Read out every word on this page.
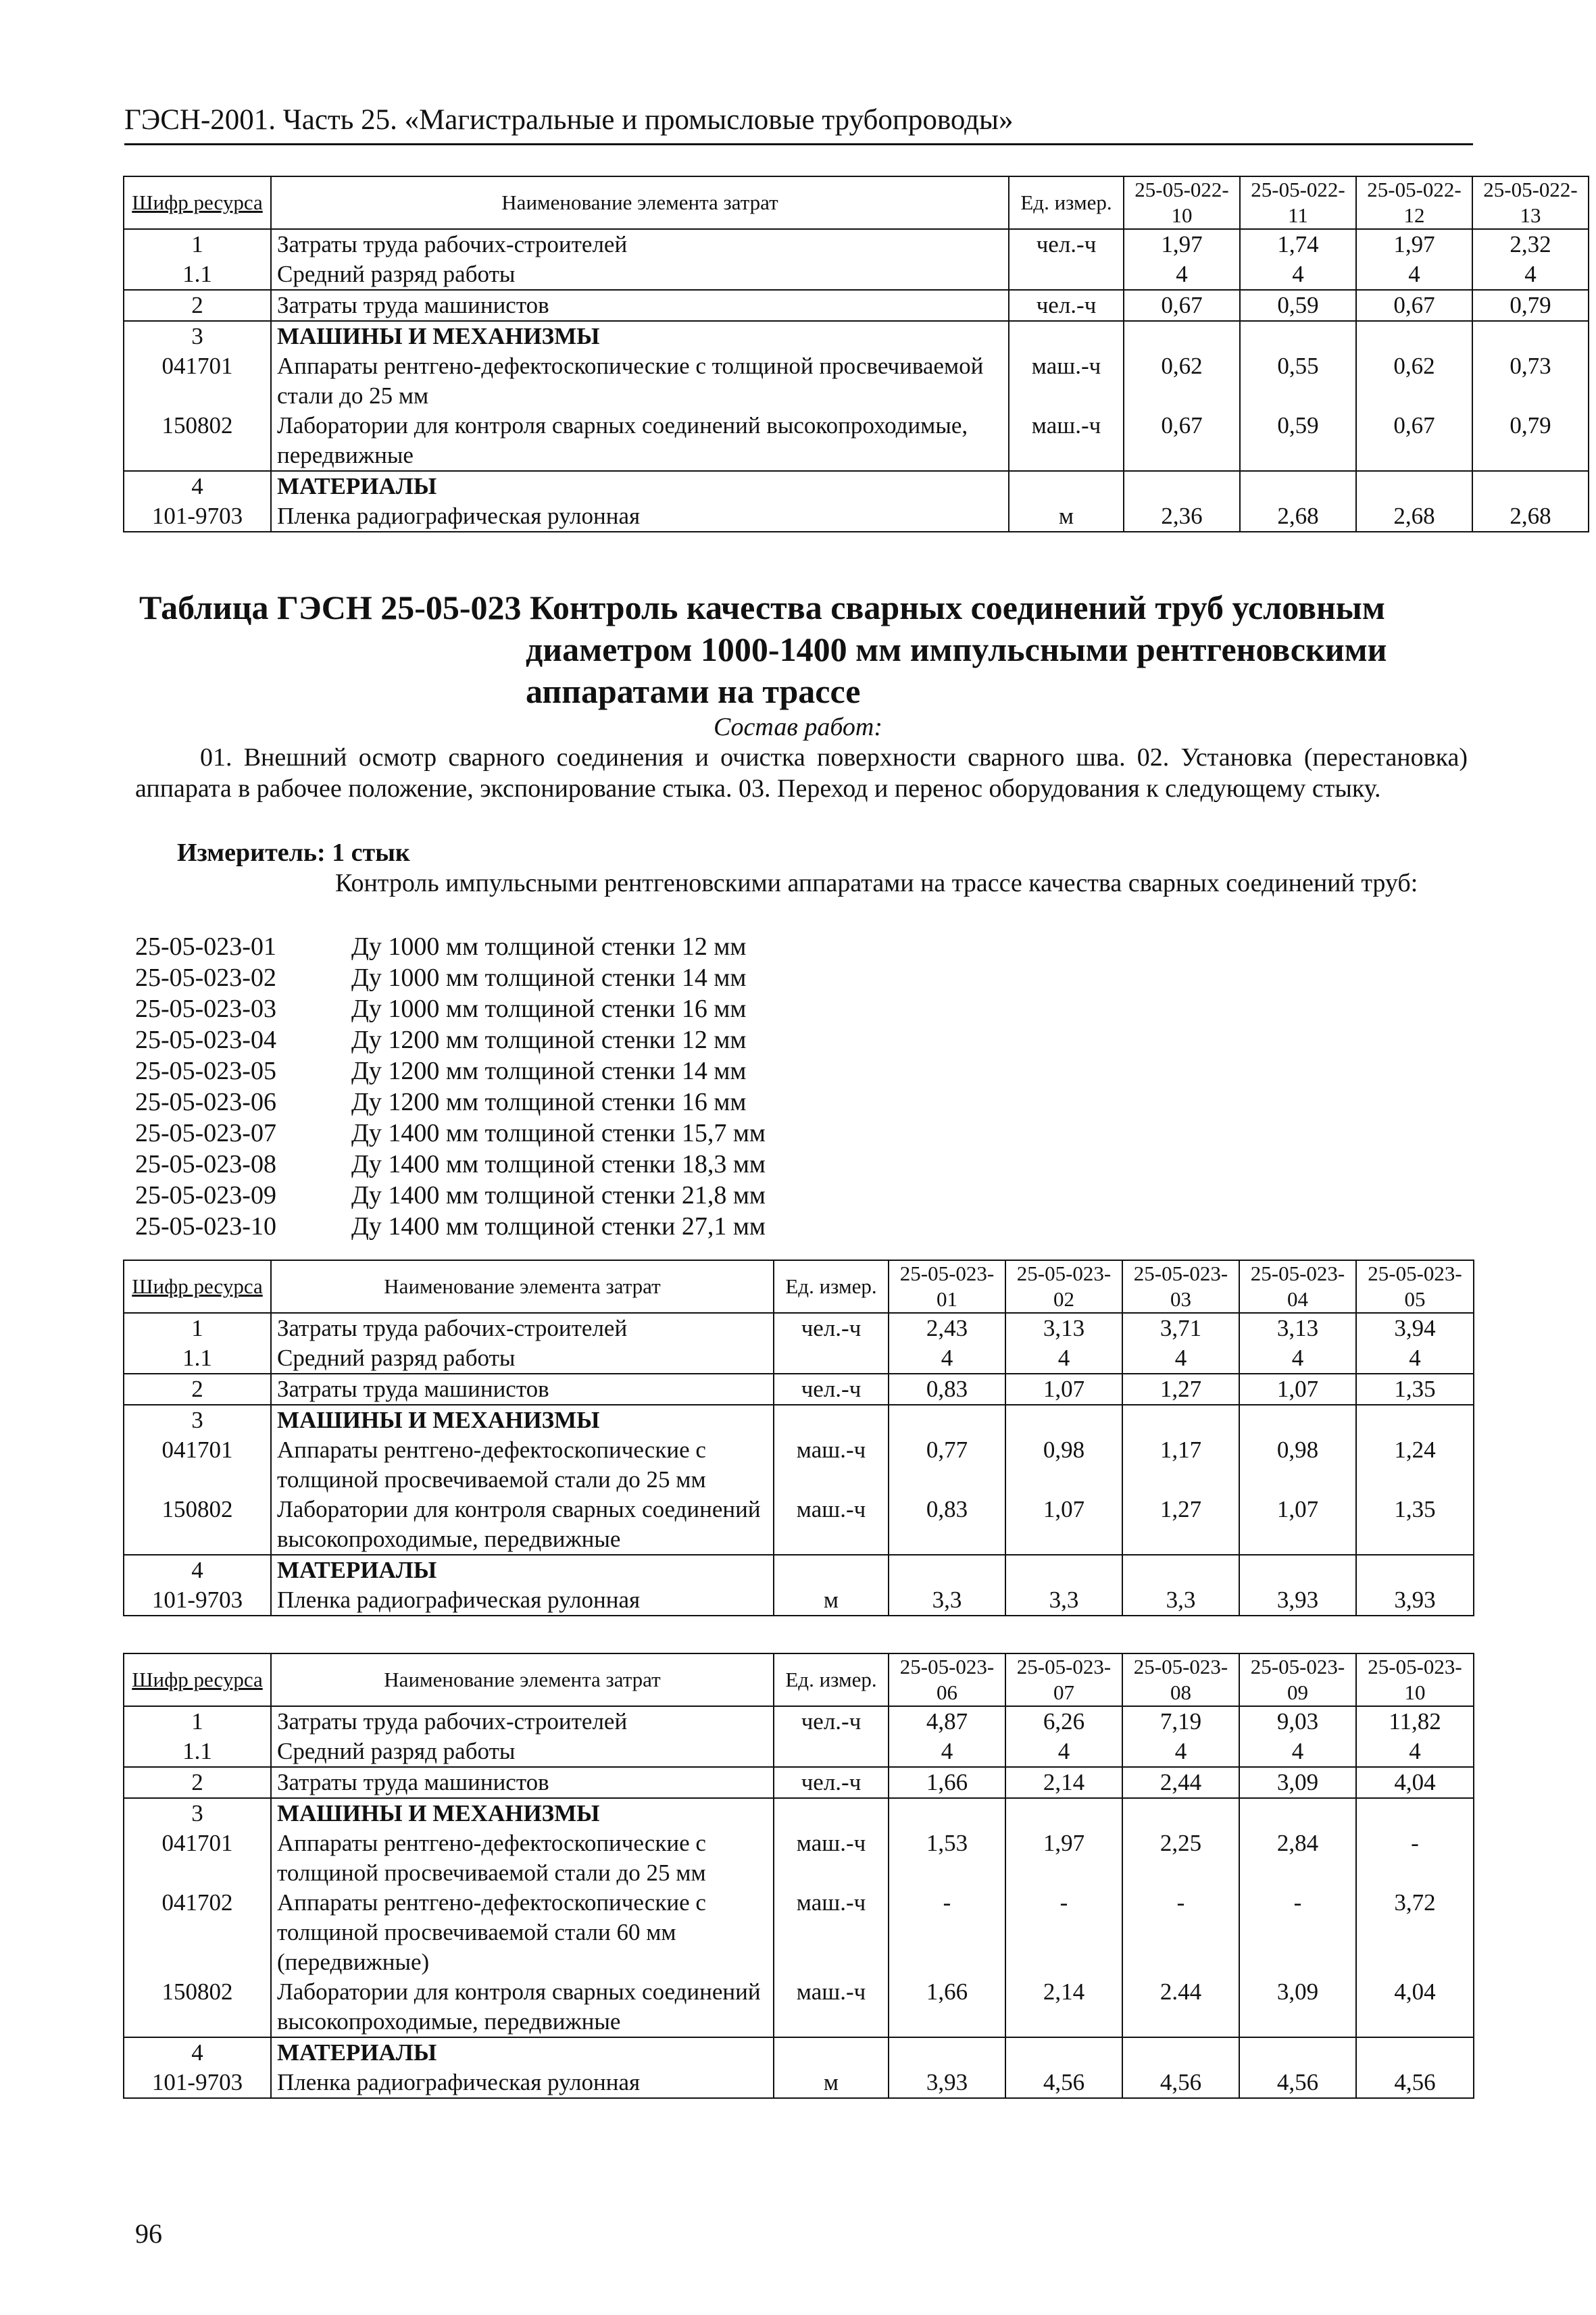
ГЭСН-2001. Часть 25. «Магистральные и промысловые трубопроводы»
Шифр ресурса	Наименование элемента затрат	Ед. измер.	25-05-022-10	25-05-022-11	25-05-022-12	25-05-022-13
1	Затраты труда рабочих-строителей	чел.-ч	1,97	1,74	1,97	2,32
1.1	Средний разряд работы		4	4	4	4
2	Затраты труда машинистов	чел.-ч	0,67	0,59	0,67	0,79
3	МАШИНЫ И МЕХАНИЗМЫ					
041701	Аппараты рентгено-дефектоскопические с толщиной просвечиваемой стали до 25 мм	маш.-ч	0,62	0,55	0,62	0,73
150802	Лаборатории для контроля сварных соединений высокопроходимые, передвижные	маш.-ч	0,67	0,59	0,67	0,79
4	МАТЕРИАЛЫ					
101-9703	Пленка радиографическая рулонная	м	2,36	2,68	2,68	2,68
Таблица ГЭСН 25-05-023 Контроль качества сварных соединений труб условным
диаметром 1000-1400 мм импульсными рентгеновскими
аппаратами на трассе
Состав работ:
01. Внешний осмотр сварного соединения и очистка поверхности сварного шва. 02. Установка (перестановка) аппарата в рабочее положение, экспонирование стыка. 03. Переход и перенос оборудования к следующему стыку.
Измеритель: 1 стык
Контроль импульсными рентгеновскими аппаратами на трассе качества сварных соединений труб:
25-05-023-01	Ду 1000 мм толщиной стенки 12 мм
25-05-023-02	Ду 1000 мм толщиной стенки 14 мм
25-05-023-03	Ду 1000 мм толщиной стенки 16 мм
25-05-023-04	Ду 1200 мм толщиной стенки 12 мм
25-05-023-05	Ду 1200 мм толщиной стенки 14 мм
25-05-023-06	Ду 1200 мм толщиной стенки 16 мм
25-05-023-07	Ду 1400 мм толщиной стенки 15,7 мм
25-05-023-08	Ду 1400 мм толщиной стенки 18,3 мм
25-05-023-09	Ду 1400 мм толщиной стенки 21,8 мм
25-05-023-10	Ду 1400 мм толщиной стенки 27,1 мм
Шифр ресурса	Наименование элемента затрат	Ед. измер.	25-05-023-01	25-05-023-02	25-05-023-03	25-05-023-04	25-05-023-05
1	Затраты труда рабочих-строителей	чел.-ч	2,43	3,13	3,71	3,13	3,94
1.1	Средний разряд работы		4	4	4	4	4
2	Затраты труда машинистов	чел.-ч	0,83	1,07	1,27	1,07	1,35
3	МАШИНЫ И МЕХАНИЗМЫ						
041701	Аппараты рентгено-дефектоскопические с толщиной просвечиваемой стали до 25 мм	маш.-ч	0,77	0,98	1,17	0,98	1,24
150802	Лаборатории для контроля сварных соединений высокопроходимые, передвижные	маш.-ч	0,83	1,07	1,27	1,07	1,35
4	МАТЕРИАЛЫ						
101-9703	Пленка радиографическая рулонная	м	3,3	3,3	3,3	3,93	3,93
Шифр ресурса	Наименование элемента затрат	Ед. измер.	25-05-023-06	25-05-023-07	25-05-023-08	25-05-023-09	25-05-023-10
1	Затраты труда рабочих-строителей	чел.-ч	4,87	6,26	7,19	9,03	11,82
1.1	Средний разряд работы		4	4	4	4	4
2	Затраты труда машинистов	чел.-ч	1,66	2,14	2,44	3,09	4,04
3	МАШИНЫ И МЕХАНИЗМЫ						
041701	Аппараты рентгено-дефектоскопические с толщиной просвечиваемой стали до 25 мм	маш.-ч	1,53	1,97	2,25	2,84	-
041702	Аппараты рентгено-дефектоскопические с толщиной просвечиваемой стали 60 мм (передвижные)	маш.-ч	-	-	-	-	3,72
150802	Лаборатории для контроля сварных соединений высокопроходимые, передвижные	маш.-ч	1,66	2,14	2.44	3,09	4,04
4	МАТЕРИАЛЫ						
101-9703	Пленка радиографическая рулонная	м	3,93	4,56	4,56	4,56	4,56
96
